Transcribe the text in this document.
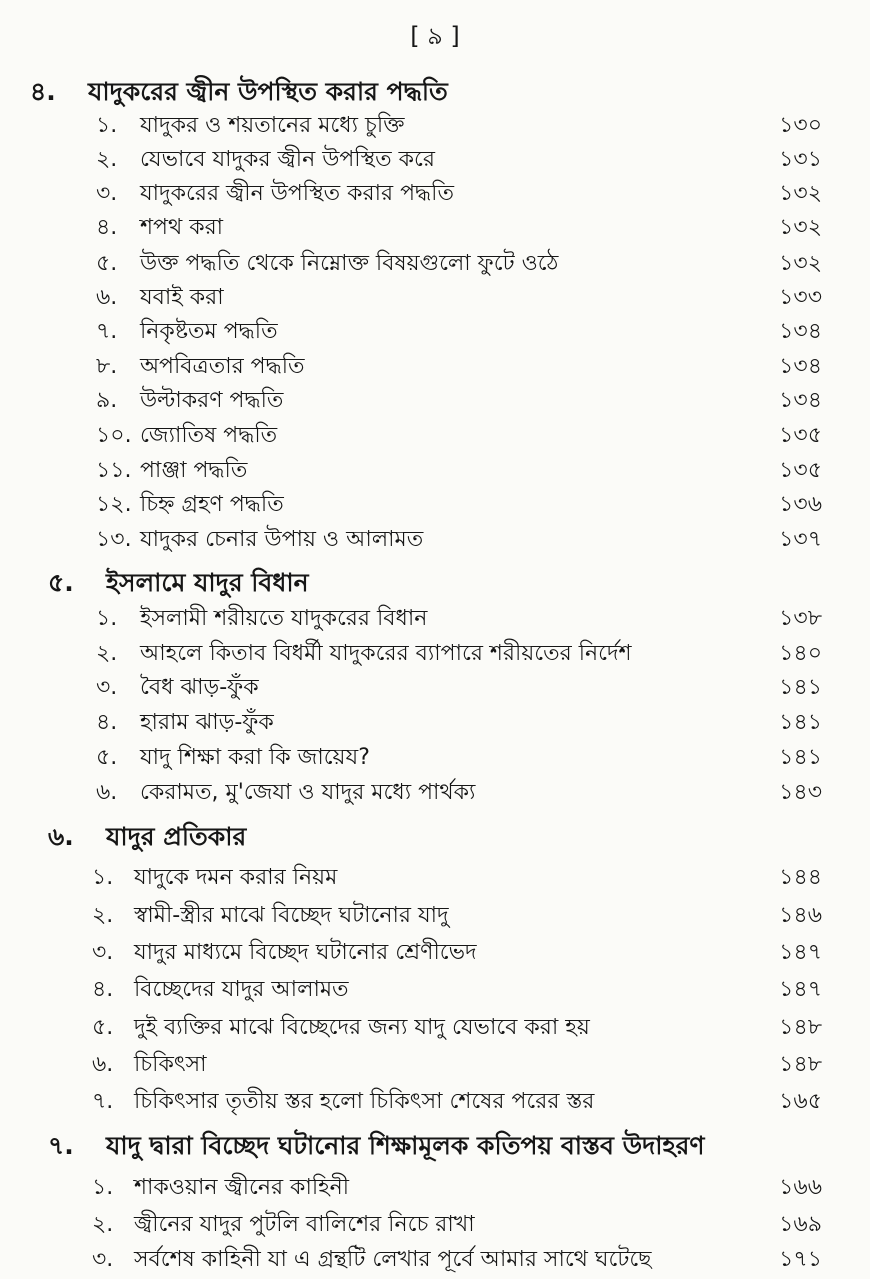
[ ৯ ]
৪. যাদুকরের জ্বীন উপস্থিত করার পদ্ধতি
১. যাদুকর ও শয়তানের মধ্যে চুক্তি	১৩০
২. যেভাবে যাদুকর জ্বীন উপস্থিত করে	১৩১
৩. যাদুকরের জ্বীন উপস্থিত করার পদ্ধতি	১৩২
৪. শপথ করা	১৩২
৫. উক্ত পদ্ধতি থেকে নিম্নোক্ত বিষয়গুলো ফুটে ওঠে	১৩২
৬. যবাই করা	১৩৩
৭. নিকৃষ্টতম পদ্ধতি	১৩৪
৮. অপবিত্রতার পদ্ধতি	১৩৪
৯. উল্টাকরণ পদ্ধতি	১৩৪
১০. জ্যোতিষ পদ্ধতি	১৩৫
১১. পাঞ্জা পদ্ধতি	১৩৫
১২. চিহ্ন গ্রহণ পদ্ধতি	১৩৬
১৩. যাদুকর চেনার উপায় ও আলামত	১৩৭
৫. ইসলামে যাদুর বিধান
১. ইসলামী শরীয়তে যাদুকরের বিধান	১৩৮
২. আহলে কিতাব বিধর্মী যাদুকরের ব্যাপারে শরীয়তের নির্দেশ	১৪০
৩. বৈধ ঝাড়-ফুঁক	১৪১
৪. হারাম ঝাড়-ফুঁক	১৪১
৫. যাদু শিক্ষা করা কি জায়েয?	১৪১
৬. কেরামত, মু'জেযা ও যাদুর মধ্যে পার্থক্য	১৪৩
৬. যাদুর প্রতিকার
১. যাদুকে দমন করার নিয়ম	১৪৪
২. স্বামী-স্ত্রীর মাঝে বিচ্ছেদ ঘটানোর যাদু	১৪৬
৩. যাদুর মাধ্যমে বিচ্ছেদ ঘটানোর শ্রেণীভেদ	১৪৭
৪. বিচ্ছেদের যাদুর আলামত	১৪৭
৫. দুই ব্যক্তির মাঝে বিচ্ছেদের জন্য যাদু যেভাবে করা হয়	১৪৮
৬. চিকিৎসা	১৪৮
৭. চিকিৎসার তৃতীয় স্তর হলো চিকিৎসা শেষের পরের স্তর	১৬৫
৭. যাদু দ্বারা বিচ্ছেদ ঘটানোর শিক্ষামূলক কতিপয় বাস্তব উদাহরণ
১. শাকওয়ান জ্বীনের কাহিনী	১৬৬
২. জ্বীনের যাদুর পুটলি বালিশের নিচে রাখা	১৬৯
৩. সর্বশেষ কাহিনী যা এ গ্রন্থটি লেখার পূর্বে আমার সাথে ঘটেছে	১৭১
